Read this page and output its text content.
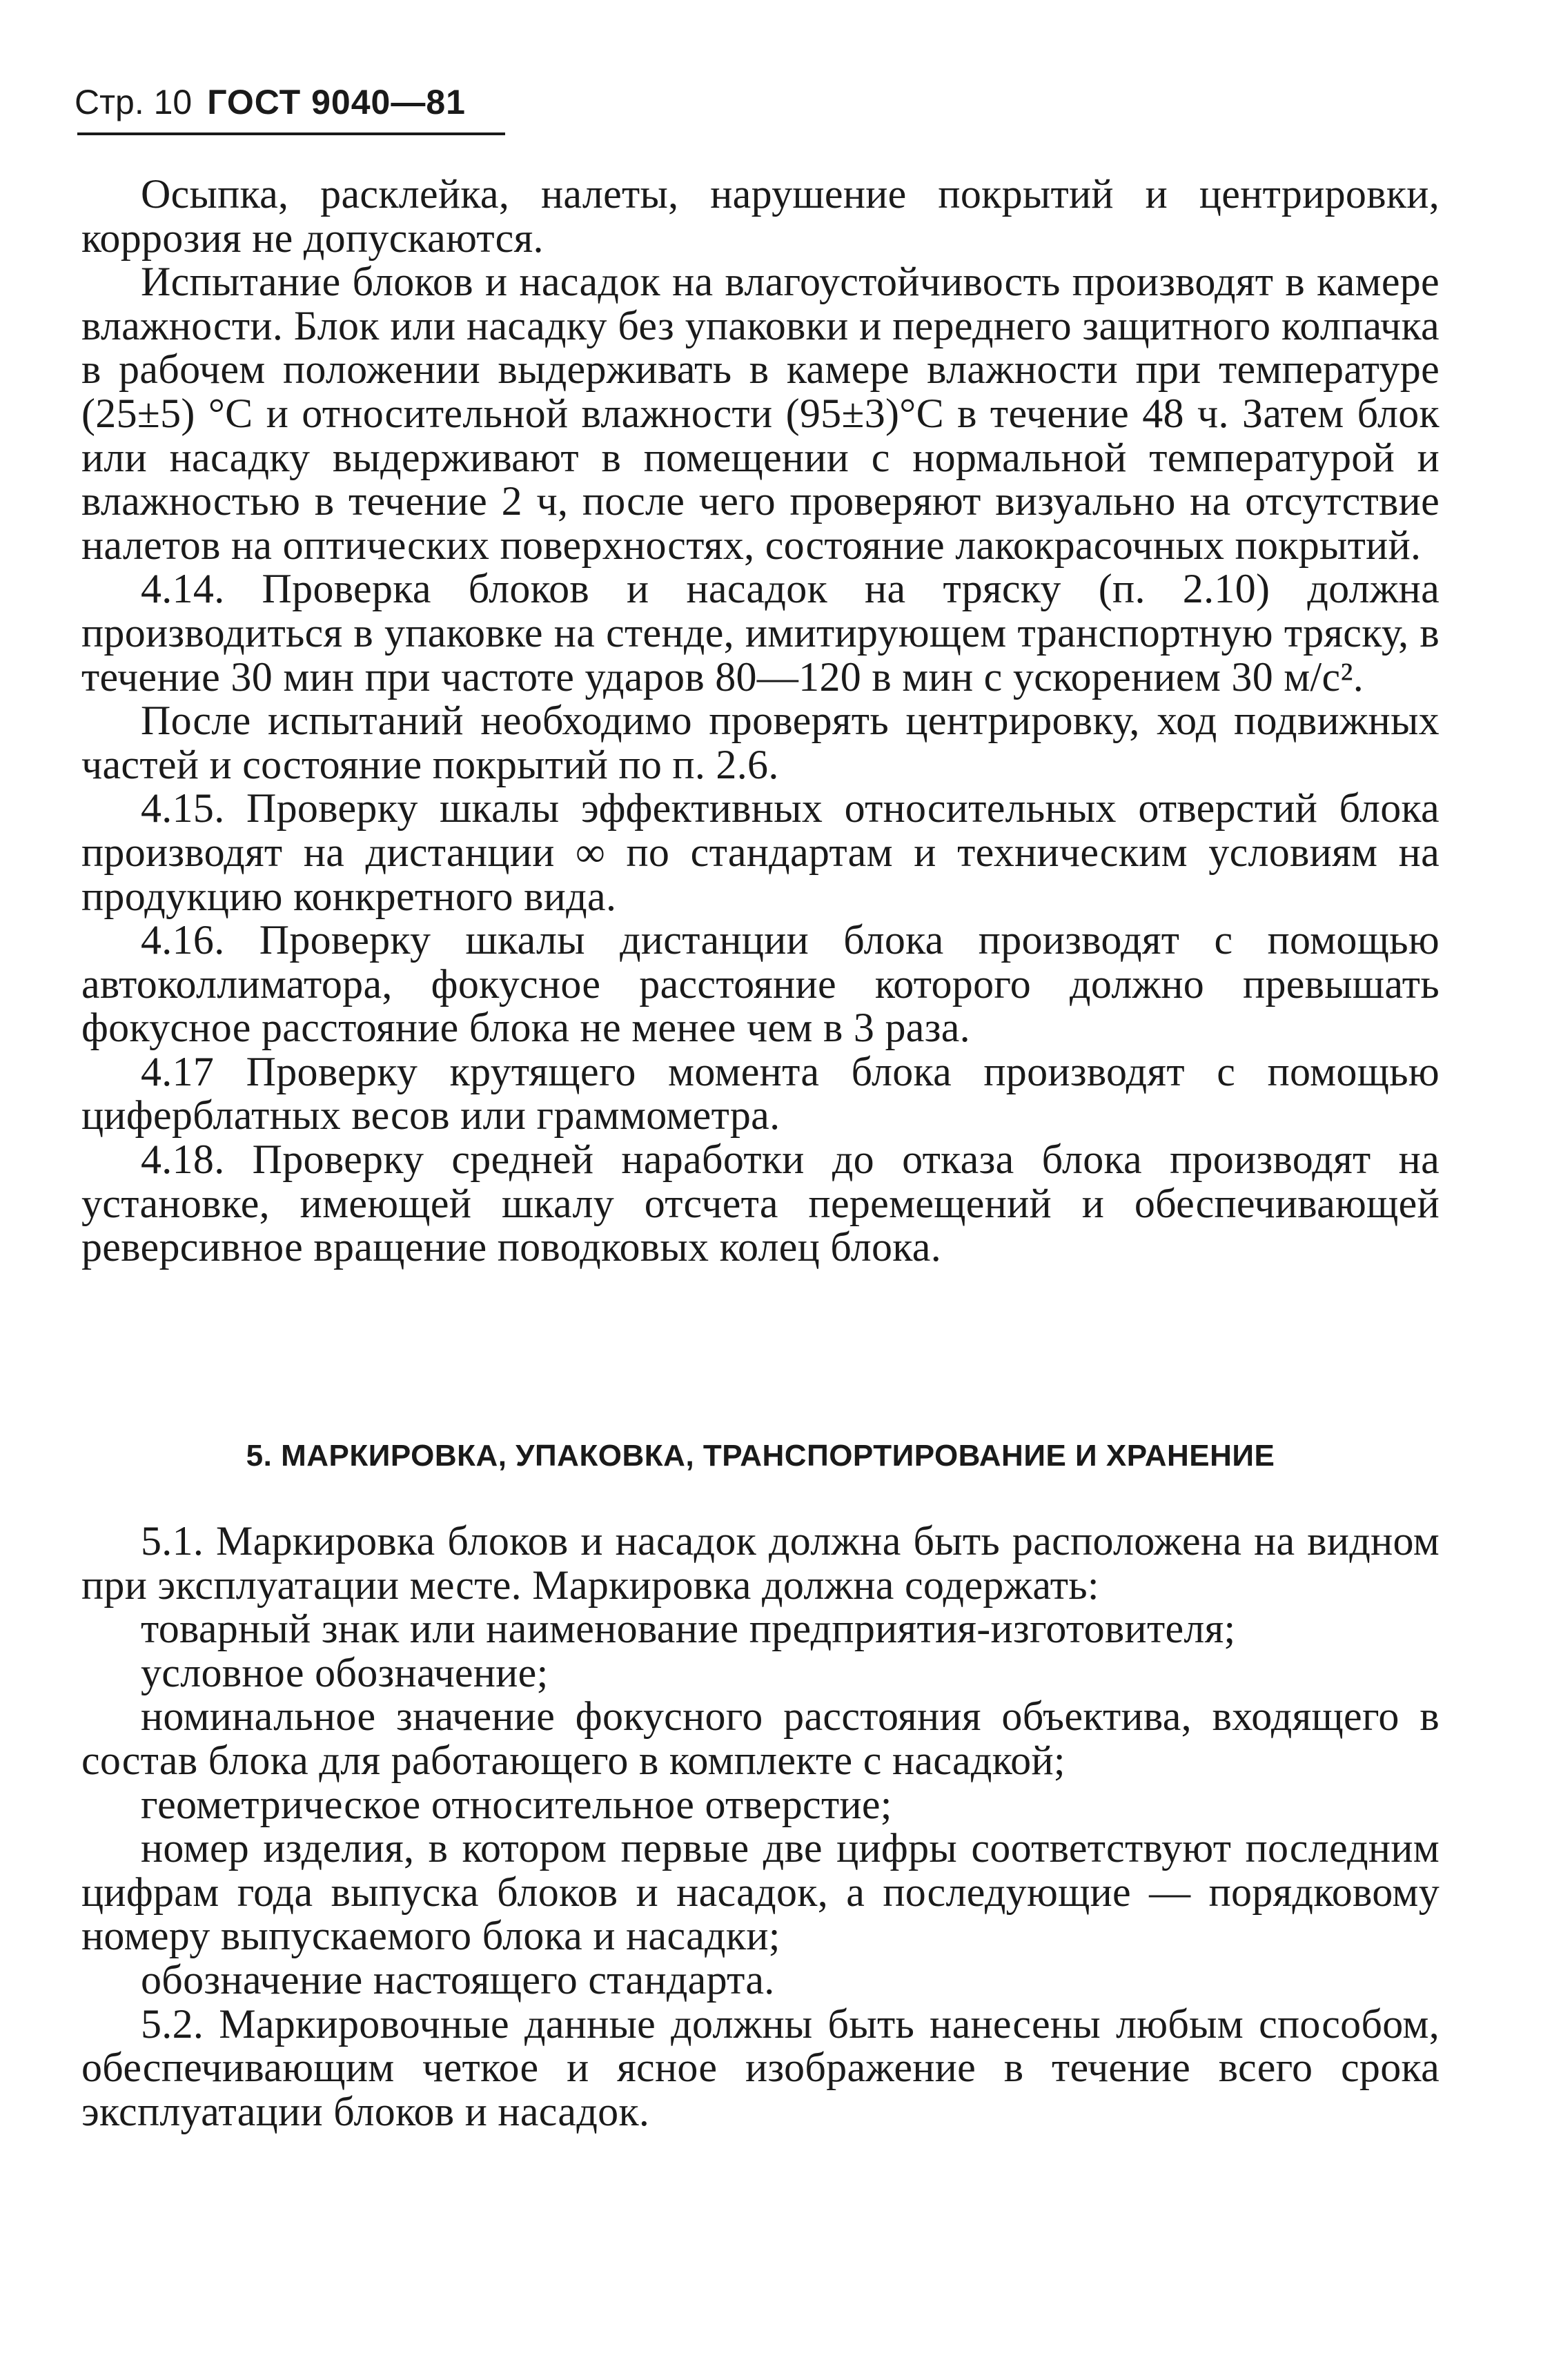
Стр. 10 ГОСТ 9040—81

Осыпка, расклейка, налеты, нарушение покрытий и центрировки, коррозия не допускаются.

Испытание блоков и насадок на влагоустойчивость производят в камере влажности. Блок или насадку без упаковки и переднего защитного колпачка в рабочем положении выдерживать в камере влажности при температуре (25±5) °С и относительной влажности (95±3)°С в течение 48 ч. Затем блок или насадку выдерживают в помещении с нормальной температурой и влажностью в течение 2 ч, после чего проверяют визуально на отсутствие налетов на оптических поверхностях, состояние лакокрасочных покрытий.

4.14. Проверка блоков и насадок на тряску (п. 2.10) должна производиться в упаковке на стенде, имитирующем транспортную тряску, в течение 30 мин при частоте ударов 80—120 в мин с ускорением 30 м/с².

После испытаний необходимо проверять центрировку, ход подвижных частей и состояние покрытий по п. 2.6.

4.15. Проверку шкалы эффективных относительных отверстий блока производят на дистанции ∞ по стандартам и техническим условиям на продукцию конкретного вида.

4.16. Проверку шкалы дистанции блока производят с помощью автоколлиматора, фокусное расстояние которого должно превышать фокусное расстояние блока не менее чем в 3 раза.

4.17 Проверку крутящего момента блока производят с помощью циферблатных весов или граммометра.

4.18. Проверку средней наработки до отказа блока производят на установке, имеющей шкалу отсчета перемещений и обеспечивающей реверсивное вращение поводковых колец блока.

5. МАРКИРОВКА, УПАКОВКА, ТРАНСПОРТИРОВАНИЕ И ХРАНЕНИЕ

5.1. Маркировка блоков и насадок должна быть расположена на видном при эксплуатации месте. Маркировка должна содержать:

товарный знак или наименование предприятия-изготовителя;

условное обозначение;

номинальное значение фокусного расстояния объектива, входящего в состав блока для работающего в комплекте с насадкой;

геометрическое относительное отверстие;

номер изделия, в котором первые две цифры соответствуют последним цифрам года выпуска блоков и насадок, а последующие — порядковому номеру выпускаемого блока и насадки;

обозначение настоящего стандарта.

5.2. Маркировочные данные должны быть нанесены любым способом, обеспечивающим четкое и ясное изображение в течение всего срока эксплуатации блоков и насадок.
